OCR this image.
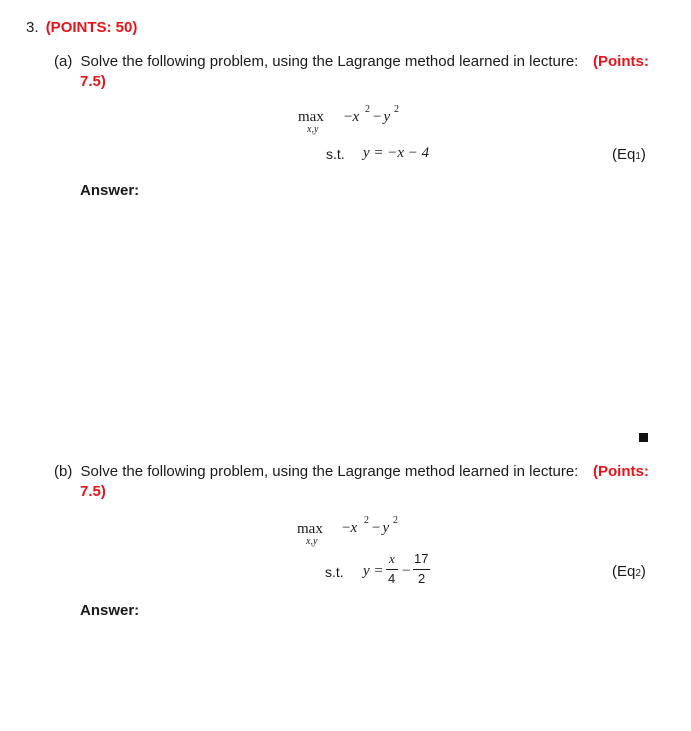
3. (POINTS: 50)
(a) Solve the following problem, using the Lagrange method learned in lecture: (Points:
7.5)
max
x,y
−x 2 − y 2
s.t. y = −x − 4	(Eq1)
Answer:
(b) Solve the following problem, using the Lagrange method learned in lecture: (Points:
7.5)
max
x,y
−x 2 − y 2
s.t. y =
x
4 −
17
2	(Eq2)
Answer:
